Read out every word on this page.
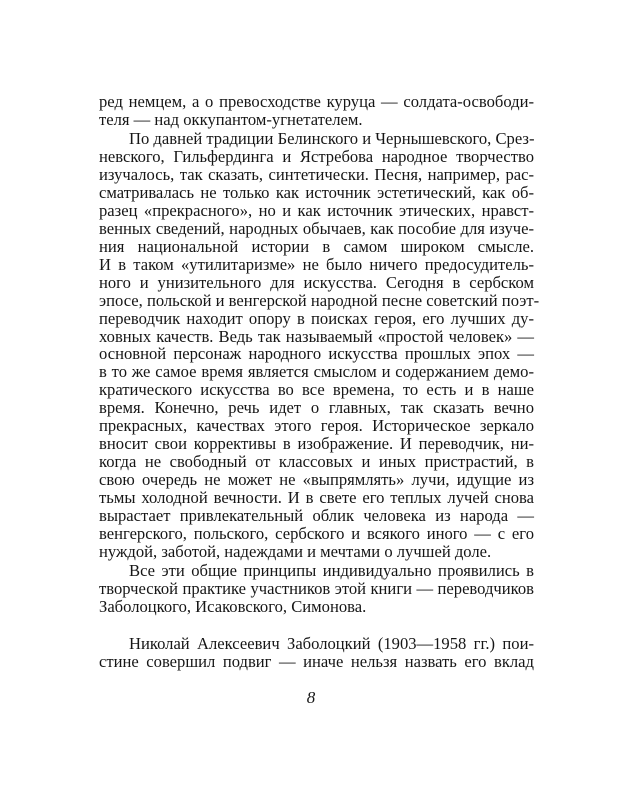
ред немцем, а о превосходстве куруца — солдата-освободи-
теля — над оккупантом-угнетателем.
По давней традиции Белинского и Чернышевского, Срез-
невского, Гильфердинга и Ястребова народное творчество
изучалось, так сказать, синтетически. Песня, например, рас-
сматривалась не только как источник эстетический, как об-
разец «прекрасного», но и как источник этических, нравст-
венных сведений, народных обычаев, как пособие для изуче-
ния национальной истории в самом широком смысле.
И в таком «утилитаризме» не было ничего предосудитель-
ного и унизительного для искусства. Сегодня в сербском
эпосе, польской и венгерской народной песне советский поэт-
переводчик находит опору в поисках героя, его лучших ду-
ховных качеств. Ведь так называемый «простой человек» —
основной персонаж народного искусства прошлых эпох —
в то же самое время является смыслом и содержанием демо-
кратического искусства во все времена, то есть и в наше
время. Конечно, речь идет о главных, так сказать вечно
прекрасных, качествах этого героя. Историческое зеркало
вносит свои коррективы в изображение. И переводчик, ни-
когда не свободный от классовых и иных пристрастий, в
свою очередь не может не «выпрямлять» лучи, идущие из
тьмы холодной вечности. И в свете его теплых лучей снова
вырастает привлекательный облик человека из народа —
венгерского, польского, сербского и всякого иного — с его
нуждой, заботой, надеждами и мечтами о лучшей доле.
Все эти общие принципы индивидуально проявились в
творческой практике участников этой книги — переводчиков
Заболоцкого, Исаковского, Симонова.
Николай Алексеевич Заболоцкий (1903—1958 гг.) пои-
стине совершил подвиг — иначе нельзя назвать его вклад
8
